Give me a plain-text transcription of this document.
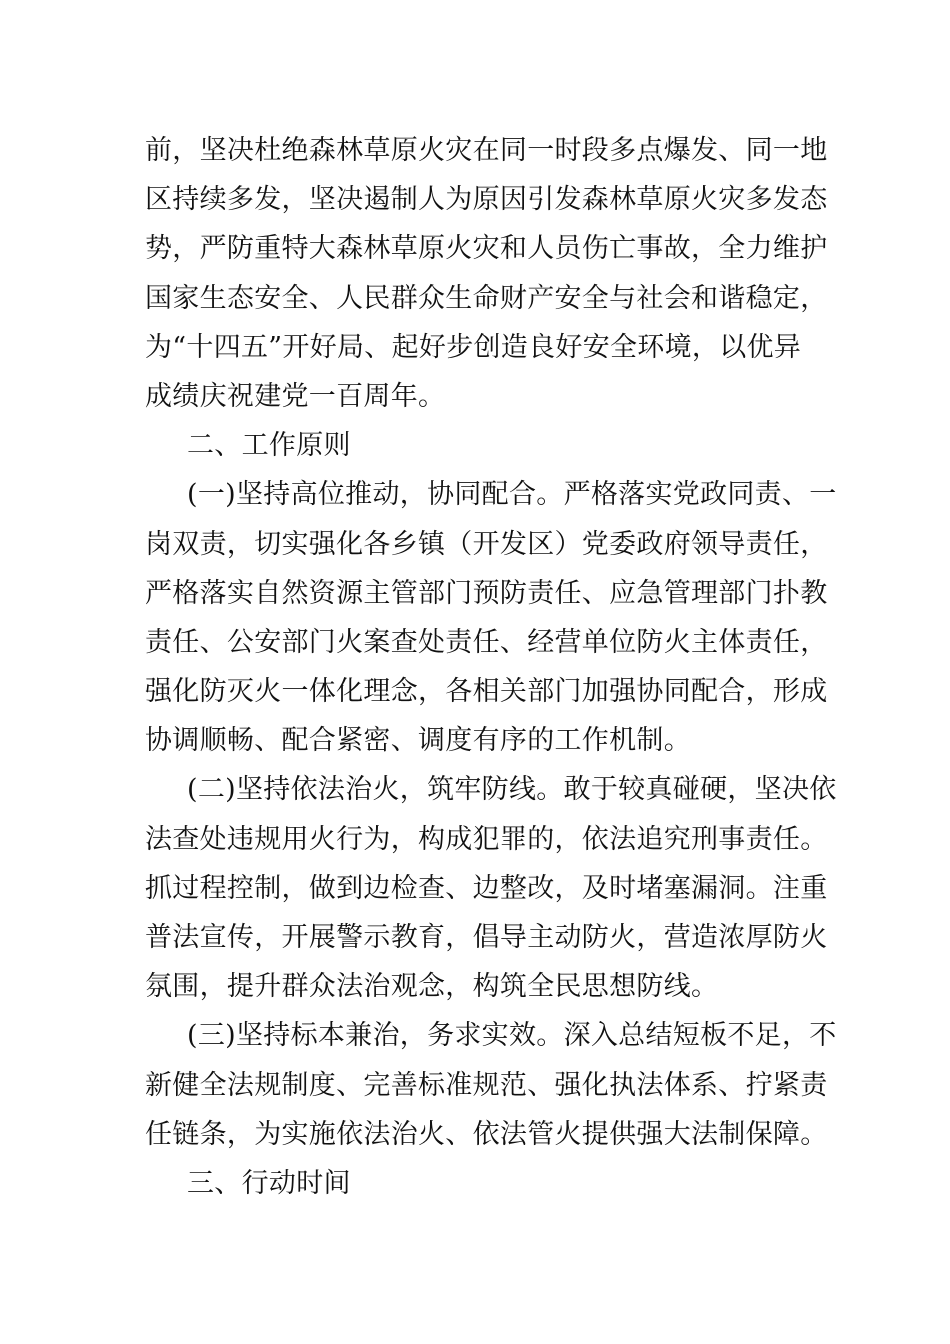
前，坚决杜绝森林草原火灾在同一时段多点爆发、同一地
区持续多发，坚决遏制人为原因引发森林草原火灾多发态
势，严防重特大森林草原火灾和人员伤亡事故，全力维护
国家生态安全、人民群众生命财产安全与社会和谐稳定，
为“十四五”开好局、起好步创造良好安全环境，以优异
成绩庆祝建党一百周年。
二、工作原则
(一)坚持高位推动，协同配合。严格落实党政同责、一
岗双责，切实强化各乡镇（开发区）党委政府领导责任，
严格落实自然资源主管部门预防责任、应急管理部门扑教
责任、公安部门火案查处责任、经营单位防火主体责任，
强化防灭火一体化理念，各相关部门加强协同配合，形成
协调顺畅、配合紧密、调度有序的工作机制。
(二)坚持依法治火，筑牢防线。敢于较真碰硬，坚决依
法查处违规用火行为，构成犯罪的，依法追究刑事责任。
抓过程控制，做到边检查、边整改，及时堵塞漏洞。注重
普法宣传，开展警示教育，倡导主动防火，营造浓厚防火
氛围，提升群众法治观念，构筑全民思想防线。
(三)坚持标本兼治，务求实效。深入总结短板不足，不
新健全法规制度、完善标准规范、强化执法体系、拧紧责
任链条，为实施依法治火、依法管火提供强大法制保障。
三、行动时间
